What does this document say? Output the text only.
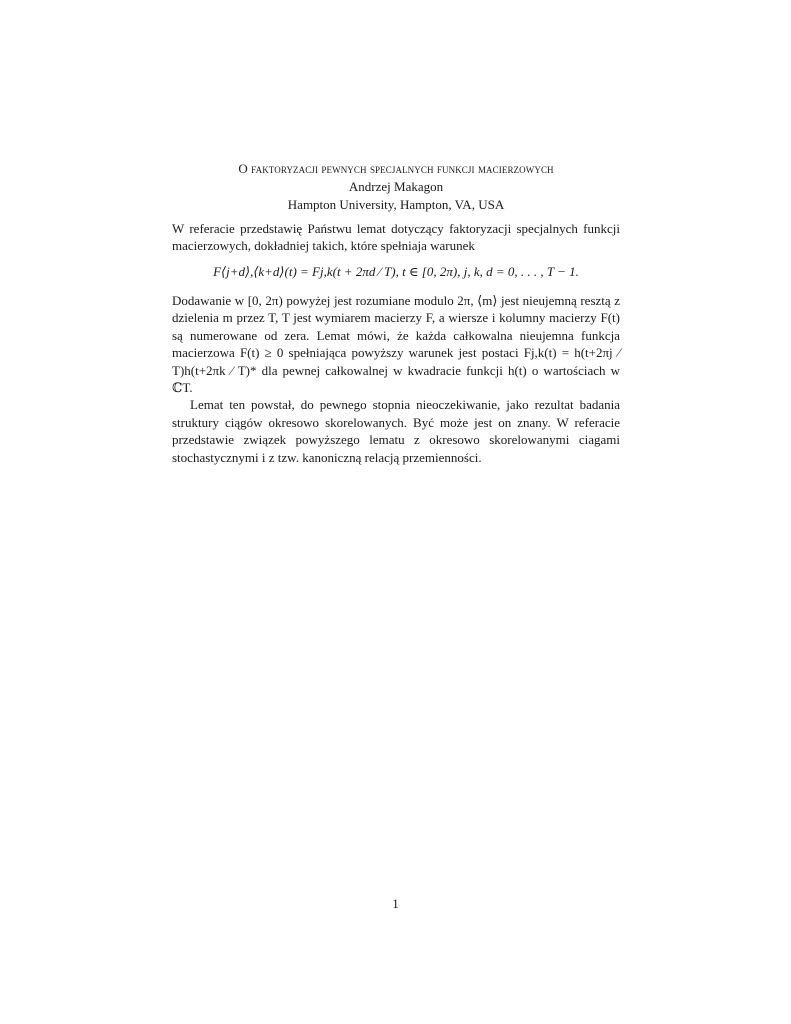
O faktoryzacji pewnych specjalnych funkcji macierzowych
Andrzej Makagon
Hampton University, Hampton, VA, USA

W referacie przedstawię Państwu lemat dotyczący faktoryzacji specjalnych funkcji macierzowych, dokładniej takich, które spełniaja warunek

F⟨j+d⟩,⟨k+d⟩(t) = Fj,k(t + 2πd ⁄ T), t ∈ [0, 2π), j, k, d = 0, . . . , T − 1.

Dodawanie w [0, 2π) powyżej jest rozumiane modulo 2π, ⟨m⟩ jest nieujemną resztą z dzielenia m przez T, T jest wymiarem macierzy F, a wiersze i kolumny macierzy F(t) są numerowane od zera. Lemat mówi, że każda całkowalna nieujemna funkcja macierzowa F(t) ≥ 0 spełniająca powyższy warunek jest postaci Fj,k(t) = h(t+2πj ⁄ T)h(t+2πk ⁄ T)* dla pewnej całkowalnej w kwadracie funkcji h(t) o wartościach w ℂT.

Lemat ten powstał, do pewnego stopnia nieoczekiwanie, jako rezultat badania struktury ciągów okresowo skorelowanych. Być może jest on znany. W referacie przedstawie związek powyższego lematu z okresowo skorelowanymi ciagami stochastycznymi i z tzw. kanoniczną relacją przemienności.

1
